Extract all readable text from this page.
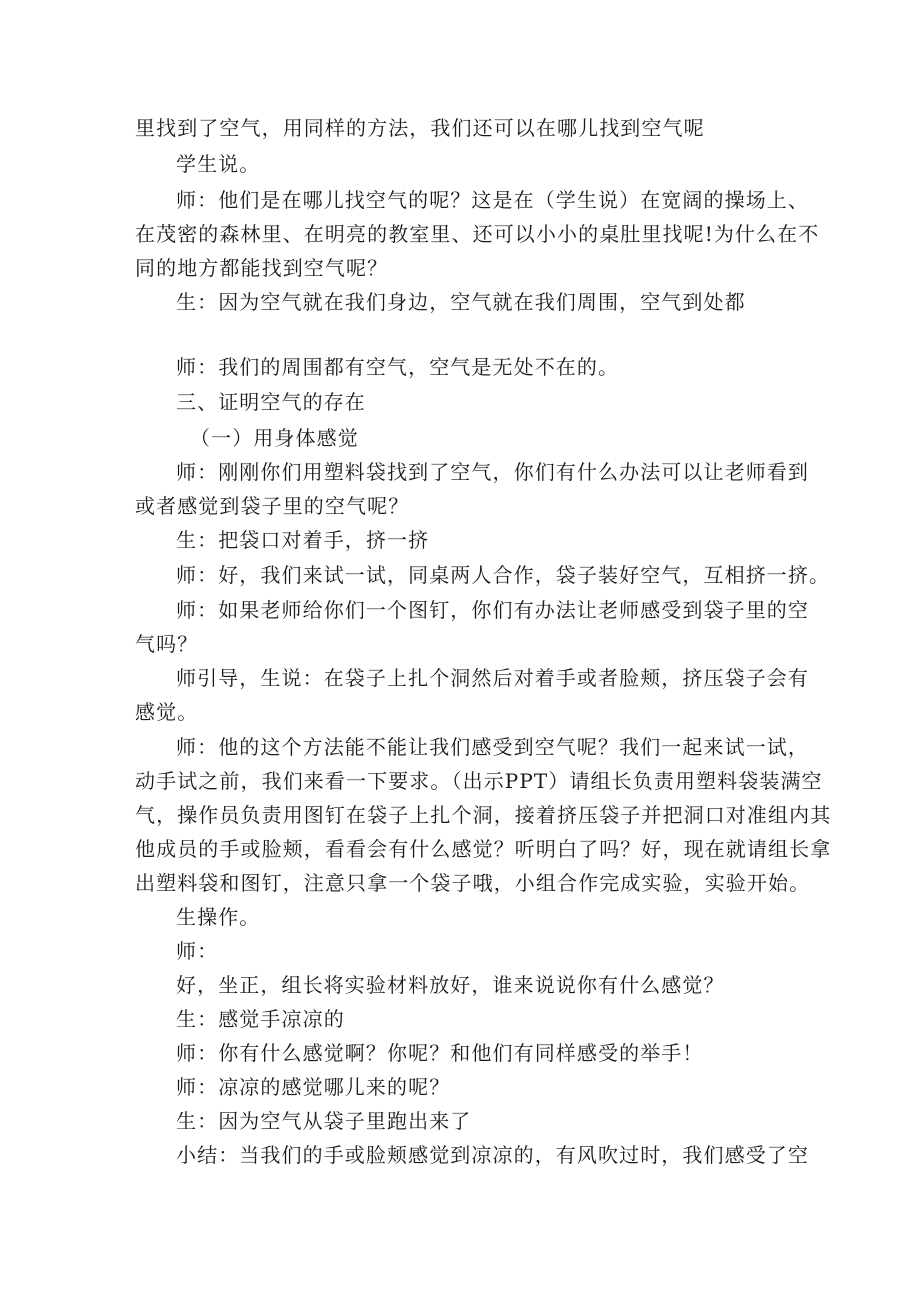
里找到了空气，用同样的方法，我们还可以在哪儿找到空气呢
学生说。
师：他们是在哪儿找空气的呢？这是在（学生说）在宽阔的操场上、
在茂密的森林里、在明亮的教室里、还可以小小的桌肚里找呢!为什么在不
同的地方都能找到空气呢？
生：因为空气就在我们身边，空气就在我们周围，空气到处都
师：我们的周围都有空气，空气是无处不在的。
三、证明空气的存在
（一）用身体感觉
师：刚刚你们用塑料袋找到了空气，你们有什么办法可以让老师看到
或者感觉到袋子里的空气呢？
生：把袋口对着手，挤一挤
师：好，我们来试一试，同桌两人合作，袋子装好空气，互相挤一挤。
师：如果老师给你们一个图钉，你们有办法让老师感受到袋子里的空
气吗？
师引导，生说：在袋子上扎个洞然后对着手或者脸颊，挤压袋子会有
感觉。
师：他的这个方法能不能让我们感受到空气呢？我们一起来试一试，
动手试之前，我们来看一下要求。（出示PPT）请组长负责用塑料袋装满空
气，操作员负责用图钉在袋子上扎个洞，接着挤压袋子并把洞口对准组内其
他成员的手或脸颊，看看会有什么感觉？听明白了吗？好，现在就请组长拿
出塑料袋和图钉，注意只拿一个袋子哦，小组合作完成实验，实验开始。
生操作。
师：
好，坐正，组长将实验材料放好，谁来说说你有什么感觉？
生：感觉手凉凉的
师：你有什么感觉啊？你呢？和他们有同样感受的举手！
师：凉凉的感觉哪儿来的呢？
生：因为空气从袋子里跑出来了
小结：当我们的手或脸颊感觉到凉凉的，有风吹过时，我们感受了空
